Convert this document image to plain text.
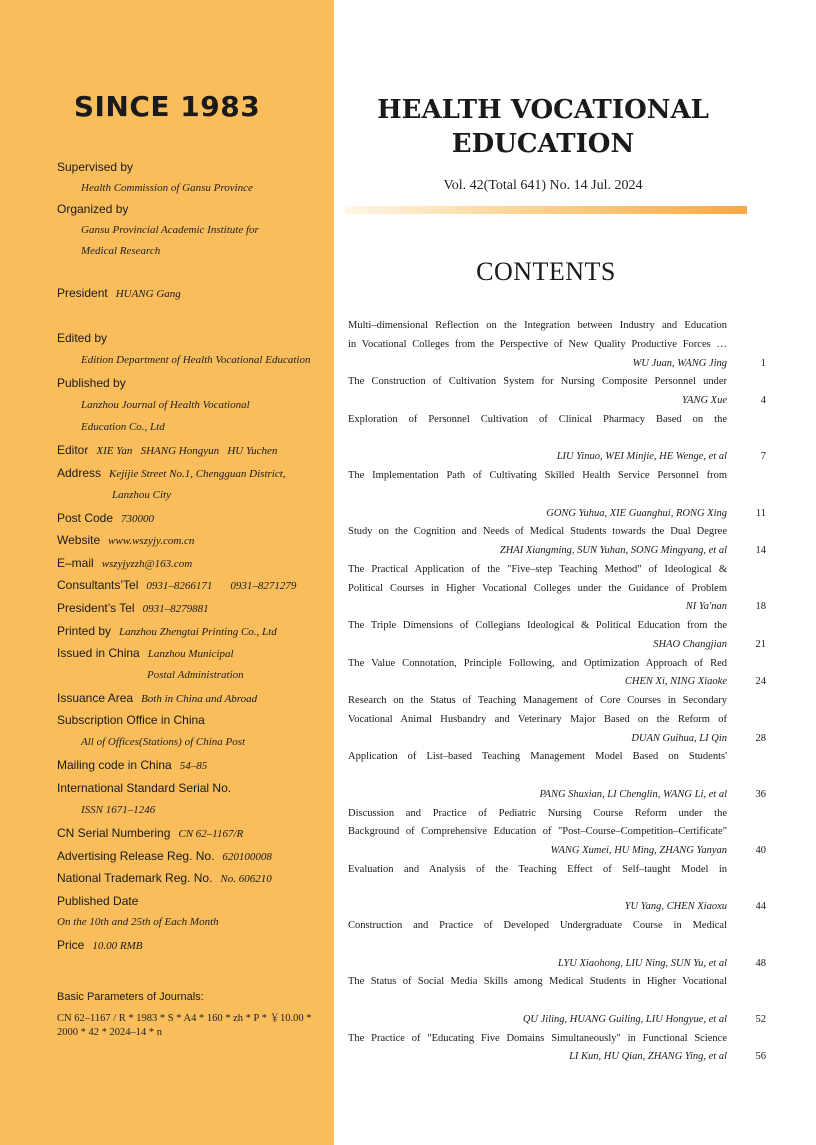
SINCE 1983
Supervised by
Health Commission of Gansu Province
Organized by
Gansu Provincial Academic Institute for
Medical Research
President HUANG Gang
Edited by
Edition Department of Health Vocational Education
Published by
Lanzhou Journal of Health Vocational
Education Co., Ltd
Editor XIE Yan   SHANG Hongyun   HU Yuchen
Address Kejijie Street No.1, Chengguan District,
Lanzhou City
Post Code 730000
Website www.wszyjy.com.cn
E–mail wszyjyzzh@163.com
Consultants’Tel 0931–8266171 0931–8271279
President’s Tel 0931–8279881
Printed by Lanzhou Zhengtai Printing Co., Ltd
Issued in China Lanzhou Municipal
Postal Administration
Issuance Area Both in China and Abroad
Subscription Office in China
All of Offices(Stations) of China Post
Mailing code in China 54–85
International Standard Serial No.
ISSN 1671–1246
CN Serial Numbering CN 62–1167/R
Advertising Release Reg. No. 620100008
National Trademark Reg. No. No. 606210
Published Date
On the 10th and 25th of Each Month
Price 10.00 RMB
Basic Parameters of Journals:
CN 62–1167 / R * 1983 * S * A4 * 160 * zh * P * ￥10.00 *
2000 * 42 * 2024–14 * n
HEALTH VOCATIONAL
EDUCATION
Vol. 42(Total 641) No. 14 Jul. 2024
CONTENTS
Multi–dimensional Reflection on the Integration between Industry and Education
in Vocational Colleges from the Perspective of New Quality Productive Forces …
WU Juan, WANG Jing	1
The Construction of Cultivation System for Nursing Composite Personnel under
YANG Xue	4
Exploration of Personnel Cultivation of Clinical Pharmacy Based on the
LIU Yinuo, WEI Minjie, HE Wenge, et al	7
The Implementation Path of Cultivating Skilled Health Service Personnel from
GONG Yuhua, XIE Guanghui, RONG Xing	11
Study on the Cognition and Needs of Medical Students towards the Dual Degree
ZHAI Xiangming, SUN Yuhan, SONG Mingyang, et al	14
The Practical Application of the "Five–step Teaching Method" of Ideological &
Political Courses in Higher Vocational Colleges under the Guidance of Problem
NI Ya'nan	18
The Triple Dimensions of Collegians Ideological & Political Education from the
SHAO Changjian	21
The Value Connotation, Principle Following, and Optimization Approach of Red
CHEN Xi, NING Xiaoke	24
Research on the Status of Teaching Management of Core Courses in Secondary
Vocational Animal Husbandry and Veterinary Major Based on the Reform of
DUAN Guihua, LI Qin	28
Application of List–based Teaching Management Model Based on Students'
PANG Shuxian, LI Chenglin, WANG Li, et al	36
Discussion and Practice of Pediatric Nursing Course Reform under the
Background of Comprehensive Education of "Post–Course–Competition–Certificate"
WANG Xumei, HU Ming, ZHANG Yanyan	40
Evaluation and Analysis of the Teaching Effect of Self–taught Model in
YU Yang, CHEN Xiaoxu	44
Construction and Practice of Developed Undergraduate Course in Medical
LYU Xiaohong, LIU Ning, SUN Yu, et al	48
The Status of Social Media Skills among Medical Students in Higher Vocational
QU Jiling, HUANG Guiling, LIU Hongyue, et al	52
The Practice of "Educating Five Domains Simultaneously" in Functional Science
LI Kun, HU Qian, ZHANG Ying, et al	56
